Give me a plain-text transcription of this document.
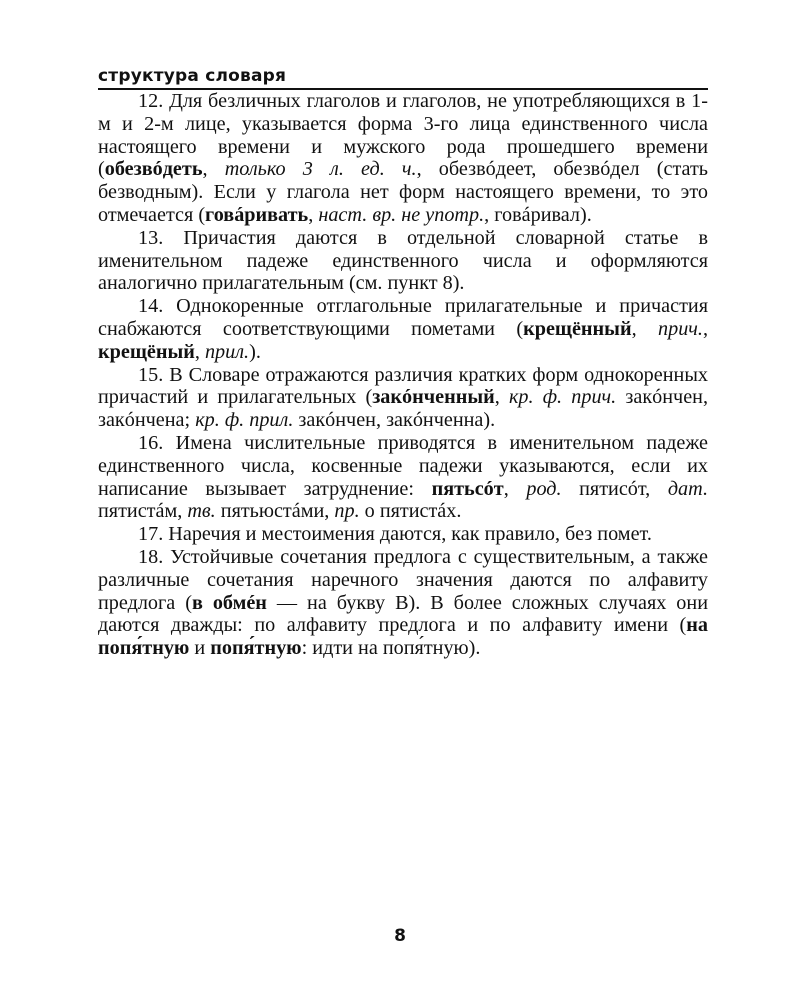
структура словаря

12. Для безличных глаголов и глаголов, не употребляющихся в 1-м и 2-м лице, указывается форма 3-го лица единственного числа настоящего времени и мужского рода прошедшего времени (обезвóдеть, только 3 л. ед. ч., обезвóдеет, обезвóдел (стать безводным). Если у глагола нет форм настоящего времени, то это отмечается (говáривать, наст. вр. не употр., говáривал).

13. Причастия даются в отдельной словарной статье в именительном падеже единственного числа и оформляются аналогично прилагательным (см. пункт 8).

14. Однокоренные отглагольные прилагательные и причастия снабжаются соответствующими пометами (крещённый, прич., крещёный, прил.).

15. В Словаре отражаются различия кратких форм однокоренных причастий и прилагательных (закóнченный, кр. ф. прич. закóнчен, закóнчена; кр. ф. прил. закóнчен, закóнченна).

16. Имена числительные приводятся в именительном падеже единственного числа, косвенные падежи указываются, если их написание вызывает затруднение: пятьсóт, род. пятисóт, дат. пятистáм, тв. пятьюстáми, пр. о пятистáх.

17. Наречия и местоимения даются, как правило, без помет.

18. Устойчивые сочетания предлога с существительным, а также различные сочетания наречного значения даются по алфавиту предлога (в обмéн — на букву В). В более сложных случаях они даются дважды: по алфавиту предлога и по алфавиту имени (на попя́тную и попя́тную: идти на попя́тную).

8
